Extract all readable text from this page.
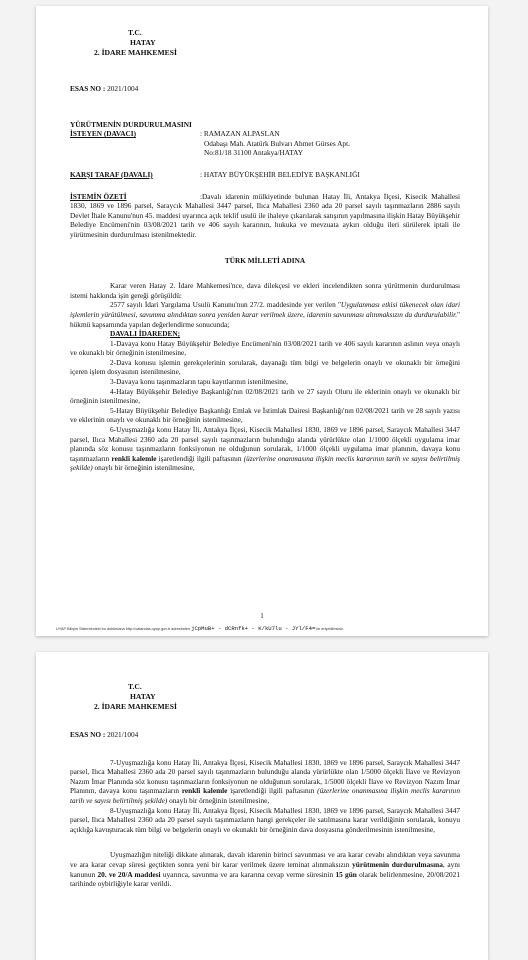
T.C.
HATAY
2. İDARE MAHKEMESİ
ESAS NO : 2021/1004
YÜRÜTMENİN DURDURULMASINI
İSTEYEN (DAVACI)	: RAMAZAN ALPASLAN
Odabaşı Mah. Atatürk Bulvarı Ahmet Gürses Apt.
No:81/18 31100 Antakya/HATAY
KARŞI TARAF (DAVALI)	: HATAY BÜYÜKŞEHİR BELEDİYE BAŞKANLIĞI

İSTEMİN ÖZETİ	:Davalı idarenin mülkiyetinde bulunan Hatay İli, Antakya İlçesi, Kisecik Mahallesi 1830, 1869 ve 1896 parsel, Saraycık Mahallesi 3447 parsel, Ilıca Mahallesi 2360 ada 20 parsel sayılı taşınmazların 2886 sayılı Devlet İhale Kanunu'nun 45. maddesi uyarınca açık teklif usulü ile ihaleye çıkarılarak satışının yapılmasına ilişkin Hatay Büyükşehir Belediye Encümeni'nin 03/08/2021 tarih ve 406 sayılı kararının, hukuka ve mevzuata aykırı olduğu ileri sürülerek iptali ile yürütmesinin durdurulması istenilmektedir.

TÜRK MİLLETİ ADINA

Karar veren Hatay 2. İdare Mahkemesi'nce, dava dilekçesi ve ekleri incelendikten sonra yürütmenin durdurulması istemi hakkında işin gereği görüşüldü:

2577 sayılı İdari Yargılama Usulü Kanunu'nun 27/2. maddesinde yer verilen "Uygulanması etkisi tükenecek olan idari işlemlerin yürütülmesi, savunma alındıktan sonra yeniden karar verilmek üzere, idarenin savunması alınmaksızın da durdurulabilir." hükmü kapsamında yapılan değerlendirme sonucunda;

DAVALI İDAREDEN;

1-Davaya konu Hatay Büyükşehir Belediye Encümeni'nin 03/08/2021 tarih ve 406 sayılı kararının aslının veya onaylı ve okunaklı bir örneğinin istenilmesine,

2-Dava konusu işlemin gerekçelerinin sorularak, dayanağı tüm bilgi ve belgelerin onaylı ve okunaklı bir örneğini içeren işlem dosyasının istenilmesine,

3-Davaya konu taşınmazların tapu kayıtlarının istenilmesine,

4-Hatay Büyükşehir Belediye Başkanlığı'nın 02/08/2021 tarih ve 27 sayılı Oluru ile eklerinin onaylı ve okunaklı bir örneğinin istenilmesine,

5-Hatay Büyükşehir Belediye Başkanlığı Emlak ve İstimlak Dairesi Başkanlığı'nın 02/08/2021 tarih ve 28 sayılı yazısı ve eklerinin onaylı ve okunaklı bir örneğinin istenilmesine,

6-Uyuşmazlığa konu Hatay İli, Antakya İlçesi, Kisecik Mahallesi 1830, 1869 ve 1896 parsel, Saraycık Mahallesi 3447 parsel, Ilıca Mahallesi 2360 ada 20 parsel sayılı taşınmazların bulunduğu alanda yürürlükte olan 1/1000 ölçekli uygulama imar planında söz konusu taşınmazların fonksiyonun ne olduğunun sorularak, 1/1000 ölçekli uygulama imar planının, davaya konu taşınmazların renkli kalemle işaretlendiği ilgili paftasının (üzerlerine onanmasına ilişkin meclis kararının tarih ve sayısı belirtilmiş şekilde) onaylı bir örneğinin istenilmesine,

1
UYAP Bilişim Sistemindeki bu dokümana http://vatandas.uyap.gov.tr adresinden jCpMuB+ - dCRnfk+ - K/kU7lu - JYl/F4= ile erişebilirsiniz.
T.C.
HATAY
2. İDARE MAHKEMESİ
ESAS NO : 2021/1004

7-Uyuşmazlığa konu Hatay İli, Antakya İlçesi, Kisecik Mahallesi 1830, 1869 ve 1896 parsel, Saraycık Mahallesi 3447 parsel, Ilıca Mahallesi 2360 ada 20 parsel sayılı taşınmazların bulunduğu alanda yürürlükte olan 1/5000 ölçekli İlave ve Revizyon Nazım İmar Planında söz konusu taşınmazların fonksiyonun ne olduğunun sorularak, 1/5000 ölçekli İlave ve Revizyon Nazım İmar Planının, davaya konu taşınmazların renkli kalemle işaretlendiği ilgili paftasının (üzerlerine onanmasına ilişkin meclis kararının tarih ve sayısı belirtilmiş şekilde) onaylı bir örneğinin istenilmesine,

8-Uyuşmazlığa konu Hatay İli, Antakya İlçesi, Kisecik Mahallesi 1830, 1869 ve 1896 parsel, Saraycık Mahallesi 3447 parsel, Ilıca Mahallesi 2360 ada 20 parsel sayılı taşınmazların hangi gerekçeler ile satılmasına karar verildiğinin sorularak, konuyu açıklığa kavuşturacak tüm bilgi ve belgelerin onaylı ve okunaklı bir örneğinin dava dosyasına gönderilmesinin istenilmesine,

Uyuşmazlığın niteliği dikkate alınarak, davalı idarenin birinci savunması ve ara karar cevabı alındıktan veya savunma ve ara karar cevap süresi geçtikten sonra yeni bir karar verilmek üzere teminat alınmaksızın yürütmenin durdurulmasına, aynı kanunun 20. ve 20/A maddesi uyarınca, savunma ve ara kararına cevap verme süresinin 15 gün olarak belirlenmesine, 20/08/2021 tarihinde oybirliğiyle karar verildi.
